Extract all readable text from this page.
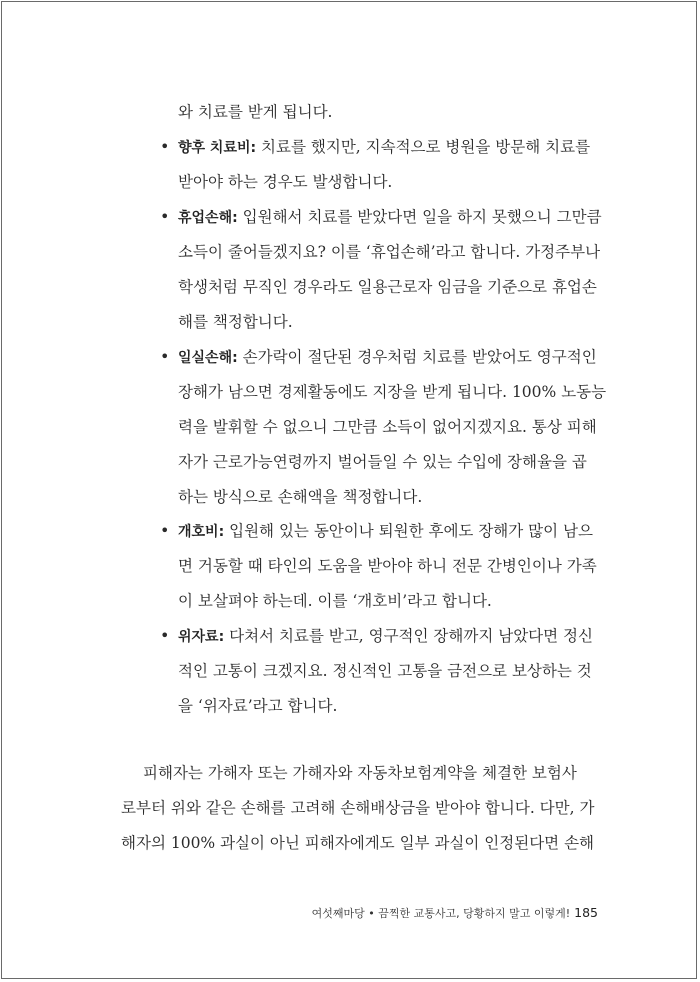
와 치료를 받게 됩니다.
• 향후 치료비: 치료를 했지만, 지속적으로 병원을 방문해 치료를
받아야 하는 경우도 발생합니다.
• 휴업손해: 입원해서 치료를 받았다면 일을 하지 못했으니 그만큼
소득이 줄어들겠지요? 이를 ‘휴업손해’라고 합니다. 가정주부나
학생처럼 무직인 경우라도 일용근로자 임금을 기준으로 휴업손
해를 책정합니다.
• 일실손해: 손가락이 절단된 경우처럼 치료를 받았어도 영구적인
장해가 남으면 경제활동에도 지장을 받게 됩니다. 100% 노동능
력을 발휘할 수 없으니 그만큼 소득이 없어지겠지요. 통상 피해
자가 근로가능연령까지 벌어들일 수 있는 수입에 장해율을 곱
하는 방식으로 손해액을 책정합니다.
• 개호비: 입원해 있는 동안이나 퇴원한 후에도 장해가 많이 남으
면 거동할 때 타인의 도움을 받아야 하니 전문 간병인이나 가족
이 보살펴야 하는데. 이를 ‘개호비’라고 합니다.
• 위자료: 다쳐서 치료를 받고, 영구적인 장해까지 남았다면 정신
적인 고통이 크겠지요. 정신적인 고통을 금전으로 보상하는 것
을 ‘위자료’라고 합니다.
피해자는 가해자 또는 가해자와 자동차보험계약을 체결한 보험사
로부터 위와 같은 손해를 고려해 손해배상금을 받아야 합니다. 다만, 가
해자의 100% 과실이 아닌 피해자에게도 일부 과실이 인정된다면 손해
여섯째마당 • 끔찍한 교통사고, 당황하지 말고 이렇게! 185
